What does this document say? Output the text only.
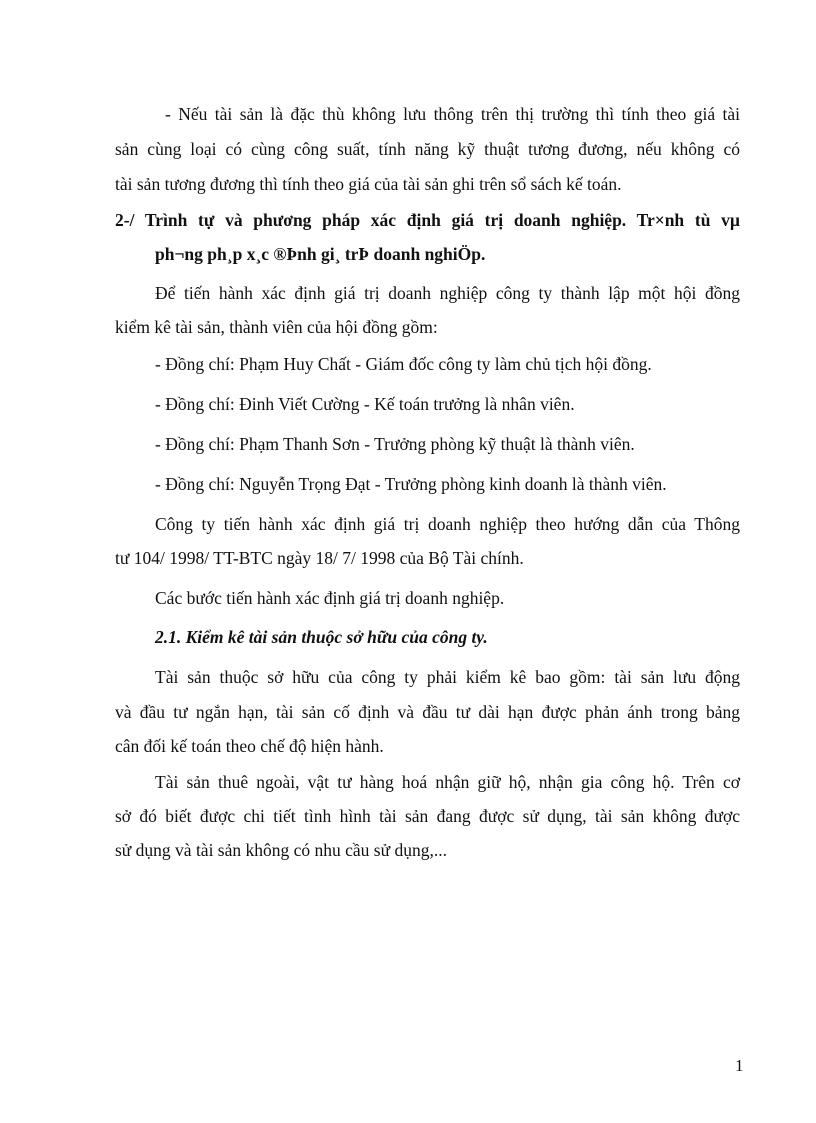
- Nếu tài sản là đặc thù không lưu thông trên thị trường thì tính theo giá tài
sản cùng loại có cùng công suất, tính năng kỹ thuật tương đương, nếu không có
tài sản tương đương thì tính theo giá của tài sản ghi trên sổ sách kế toán.
2-/ Trình tự và phương pháp xác định giá trị doanh nghiệp. Tr×nh tù vµ
ph¬ng ph¸p x¸c ®Þnh gi¸ trÞ doanh nghiÖp.
Để tiến hành xác định giá trị doanh nghiệp công ty thành lập một hội đồng
kiểm kê tài sản, thành viên của hội đồng gồm:
- Đồng chí: Phạm Huy Chất - Giám đốc công ty làm chủ tịch hội đồng.
- Đồng chí: Đinh Viết Cường - Kế toán trưởng là nhân viên.
- Đồng chí: Phạm Thanh Sơn - Trưởng phòng kỹ thuật là thành viên.
- Đồng chí: Nguyễn Trọng Đạt - Trưởng phòng kinh doanh là thành viên.
Công ty tiến hành xác định giá trị doanh nghiệp theo hướng dẫn của Thông
tư 104/ 1998/ TT-BTC ngày 18/ 7/ 1998 của Bộ Tài chính.
Các bước tiến hành xác định giá trị doanh nghiệp.
2.1. Kiểm kê tài sản thuộc sở hữu của công ty.
Tài sản thuộc sở hữu của công ty phải kiểm kê bao gồm: tài sản lưu động
và đầu tư ngắn hạn, tài sản cố định và đầu tư dài hạn được phản ánh trong bảng
cân đối kế toán theo chế độ hiện hành.
Tài sản thuê ngoài, vật tư hàng hoá nhận giữ hộ, nhận gia công hộ. Trên cơ
sở đó biết được chi tiết tình hình tài sản đang được sử dụng, tài sản không được
sử dụng và tài sản không có nhu cầu sử dụng,...
1
